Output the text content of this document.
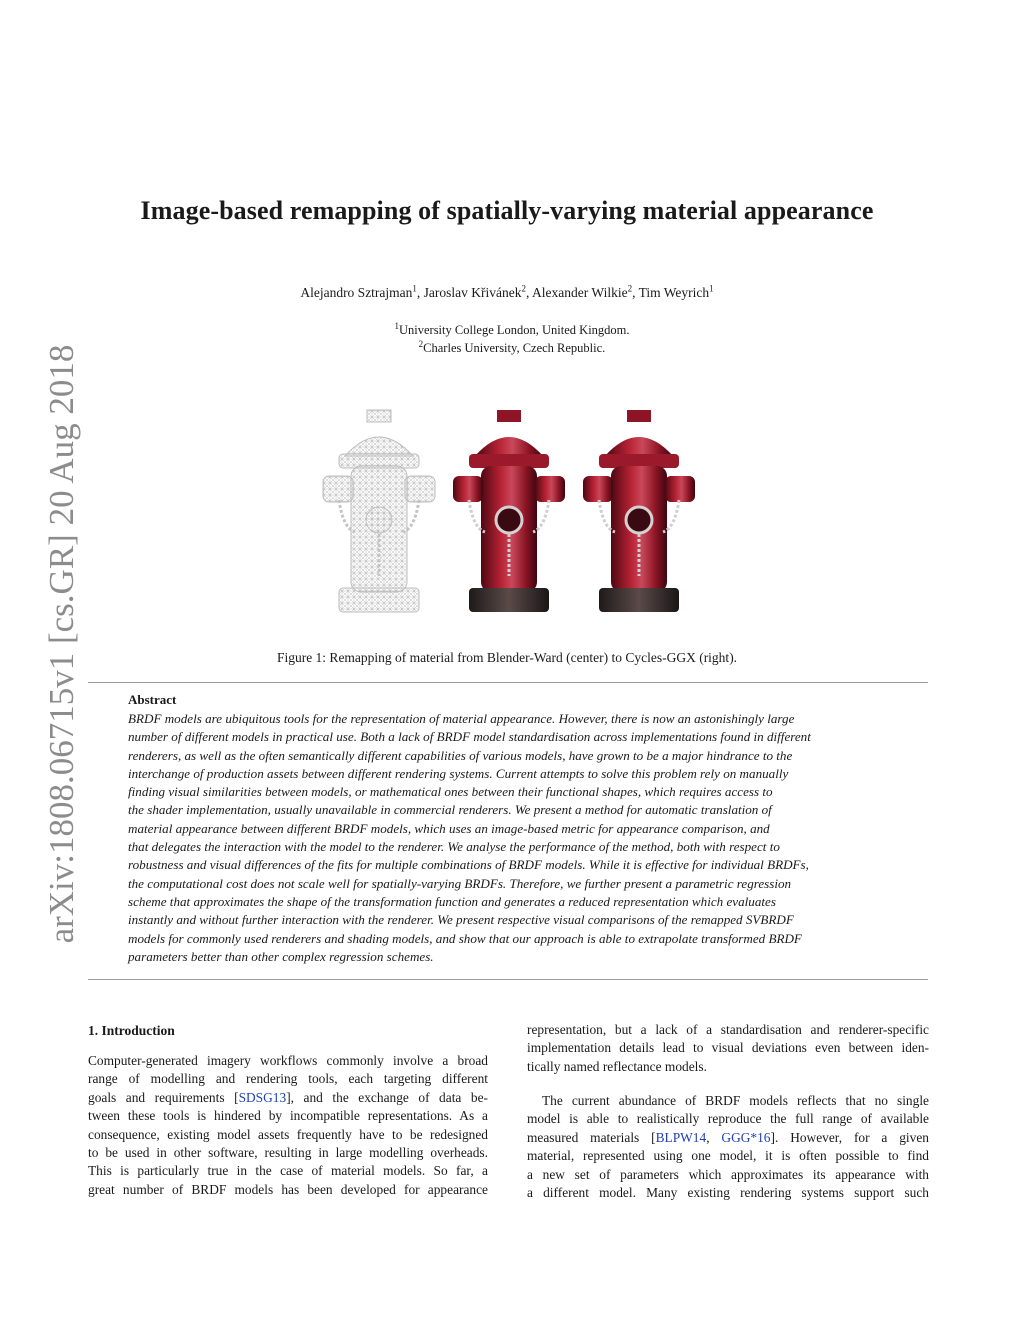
arXiv:1808.06715v1 [cs.GR] 20 Aug 2018
Image-based remapping of spatially-varying material appearance
Alejandro Sztrajman$^1$, Jaroslav Křivánek$^2$, Alexander Wilkie$^2$, Tim Weyrich$^1$
$^1$University College London, United Kingdom.
$^2$Charles University, Czech Republic.
Figure 1: Remapping of material from Blender-Ward (center) to Cycles-GGX (right).
Abstract
BRDF models are ubiquitous tools for the representation of material appearance. However, there is now an astonishingly large
number of different models in practical use. Both a lack of BRDF model standardisation across implementations found in different
renderers, as well as the often semantically different capabilities of various models, have grown to be a major hindrance to the
interchange of production assets between different rendering systems. Current attempts to solve this problem rely on manually
finding visual similarities between models, or mathematical ones between their functional shapes, which requires access to
the shader implementation, usually unavailable in commercial renderers. We present a method for automatic translation of
material appearance between different BRDF models, which uses an image-based metric for appearance comparison, and
that delegates the interaction with the model to the renderer. We analyse the performance of the method, both with respect to
robustness and visual differences of the fits for multiple combinations of BRDF models. While it is effective for individual BRDFs,
the computational cost does not scale well for spatially-varying BRDFs. Therefore, we further present a parametric regression
scheme that approximates the shape of the transformation function and generates a reduced representation which evaluates
instantly and without further interaction with the renderer. We present respective visual comparisons of the remapped SVBRDF
models for commonly used renderers and shading models, and show that our approach is able to extrapolate transformed BRDF
parameters better than other complex regression schemes.
1. Introduction
Computer-generated imagery workflows commonly involve a broad
range of modelling and rendering tools, each targeting different
goals and requirements [SDSG13], and the exchange of data be-
tween these tools is hindered by incompatible representations. As a
consequence, existing model assets frequently have to be redesigned
to be used in other software, resulting in large modelling overheads.
This is particularly true in the case of material models. So far, a
great number of BRDF models has been developed for appearance
representation, but a lack of a standardisation and renderer-specific
implementation details lead to visual deviations even between iden-
tically named reflectance models.
The current abundance of BRDF models reflects that no single
model is able to realistically reproduce the full range of available
measured materials [BLPW14, GGG*16]. However, for a given
material, represented using one model, it is often possible to find
a new set of parameters which approximates its appearance with
a different model. Many existing rendering systems support such
